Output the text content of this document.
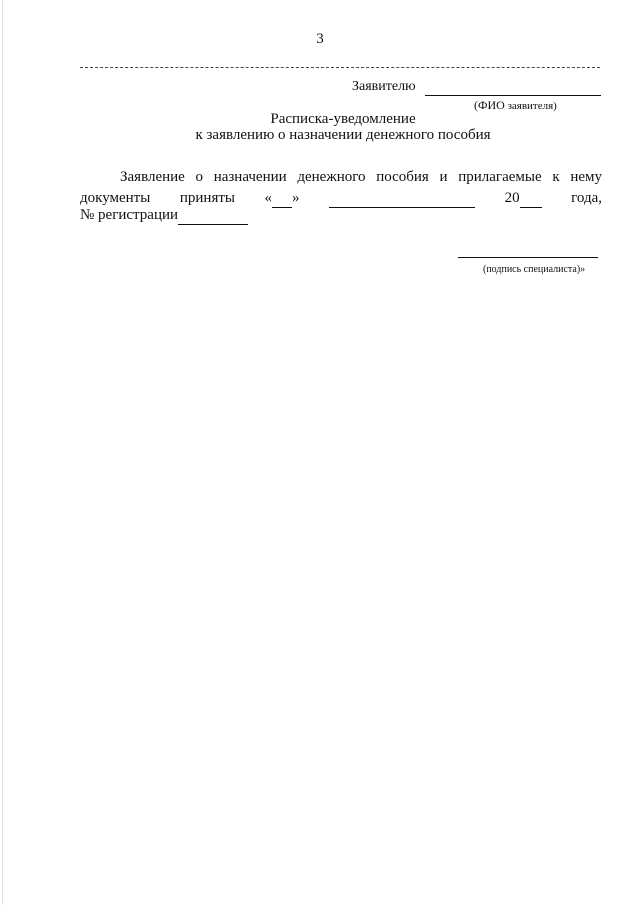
3
Заявителю
(ФИО заявителя)
Расписка-уведомление
к заявлению о назначении денежного пособия
Заявление о назначении денежного пособия и прилагаемые к нему
документы приняты « »
	20	года,
№ регистрации
(подпись специалиста)»
